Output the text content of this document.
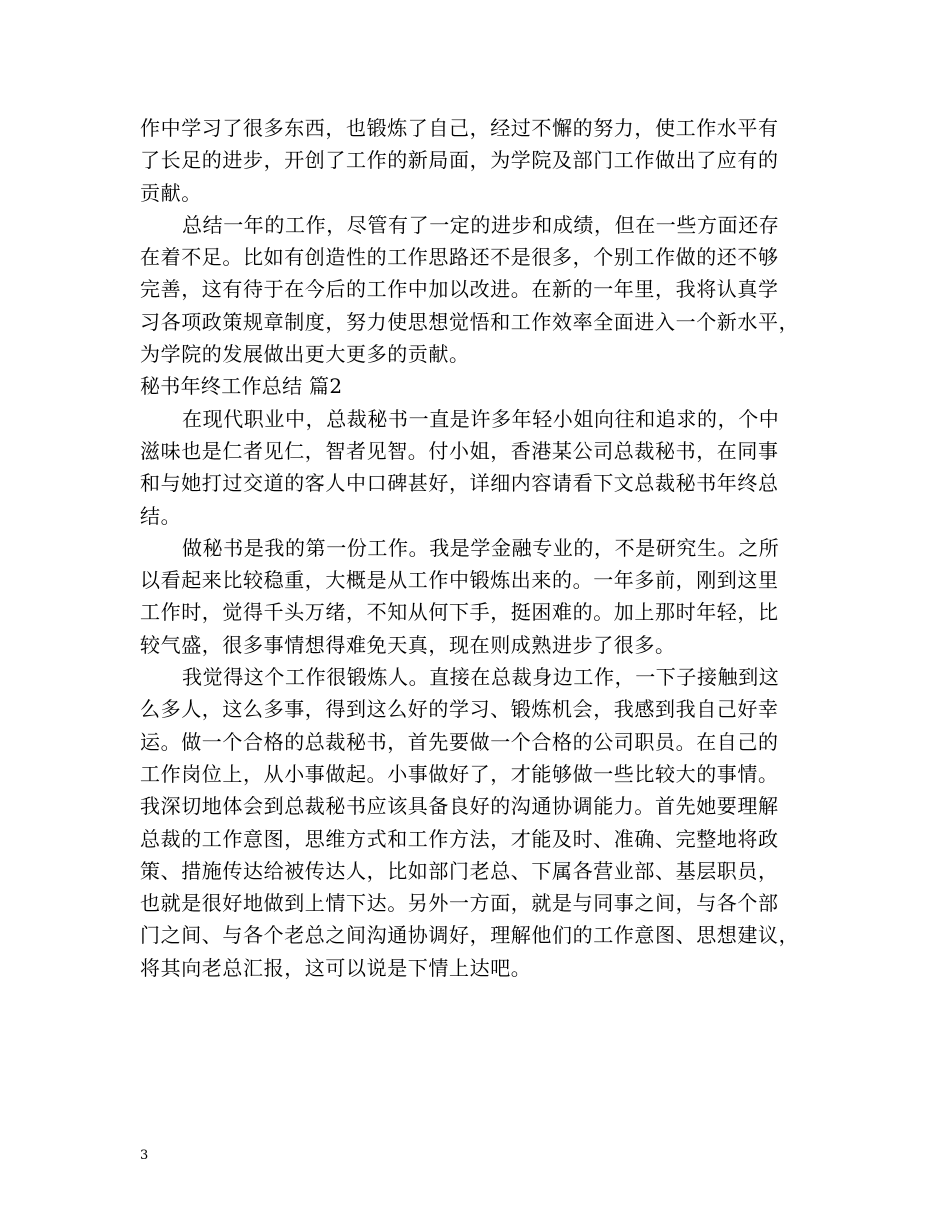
作中学习了很多东西，也锻炼了自己，经过不懈的努力，使工作水平有
了长足的进步，开创了工作的新局面，为学院及部门工作做出了应有的
贡献。
总结一年的工作，尽管有了一定的进步和成绩，但在一些方面还存
在着不足。比如有创造性的工作思路还不是很多，个别工作做的还不够
完善，这有待于在今后的工作中加以改进。在新的一年里，我将认真学
习各项政策规章制度，努力使思想觉悟和工作效率全面进入一个新水平，
为学院的发展做出更大更多的贡献。
秘书年终工作总结 篇2
在现代职业中，总裁秘书一直是许多年轻小姐向往和追求的，个中
滋味也是仁者见仁，智者见智。付小姐，香港某公司总裁秘书，在同事
和与她打过交道的客人中口碑甚好，详细内容请看下文总裁秘书年终总
结。
做秘书是我的第一份工作。我是学金融专业的，不是研究生。之所
以看起来比较稳重，大概是从工作中锻炼出来的。一年多前，刚到这里
工作时，觉得千头万绪，不知从何下手，挺困难的。加上那时年轻，比
较气盛，很多事情想得难免天真，现在则成熟进步了很多。
我觉得这个工作很锻炼人。直接在总裁身边工作，一下子接触到这
么多人，这么多事，得到这么好的学习、锻炼机会，我感到我自己好幸
运。做一个合格的总裁秘书，首先要做一个合格的公司职员。在自己的
工作岗位上，从小事做起。小事做好了，才能够做一些比较大的事情。
我深切地体会到总裁秘书应该具备良好的沟通协调能力。首先她要理解
总裁的工作意图，思维方式和工作方法，才能及时、准确、完整地将政
策、措施传达给被传达人，比如部门老总、下属各营业部、基层职员，
也就是很好地做到上情下达。另外一方面，就是与同事之间，与各个部
门之间、与各个老总之间沟通协调好，理解他们的工作意图、思想建议，
将其向老总汇报，这可以说是下情上达吧。
3
